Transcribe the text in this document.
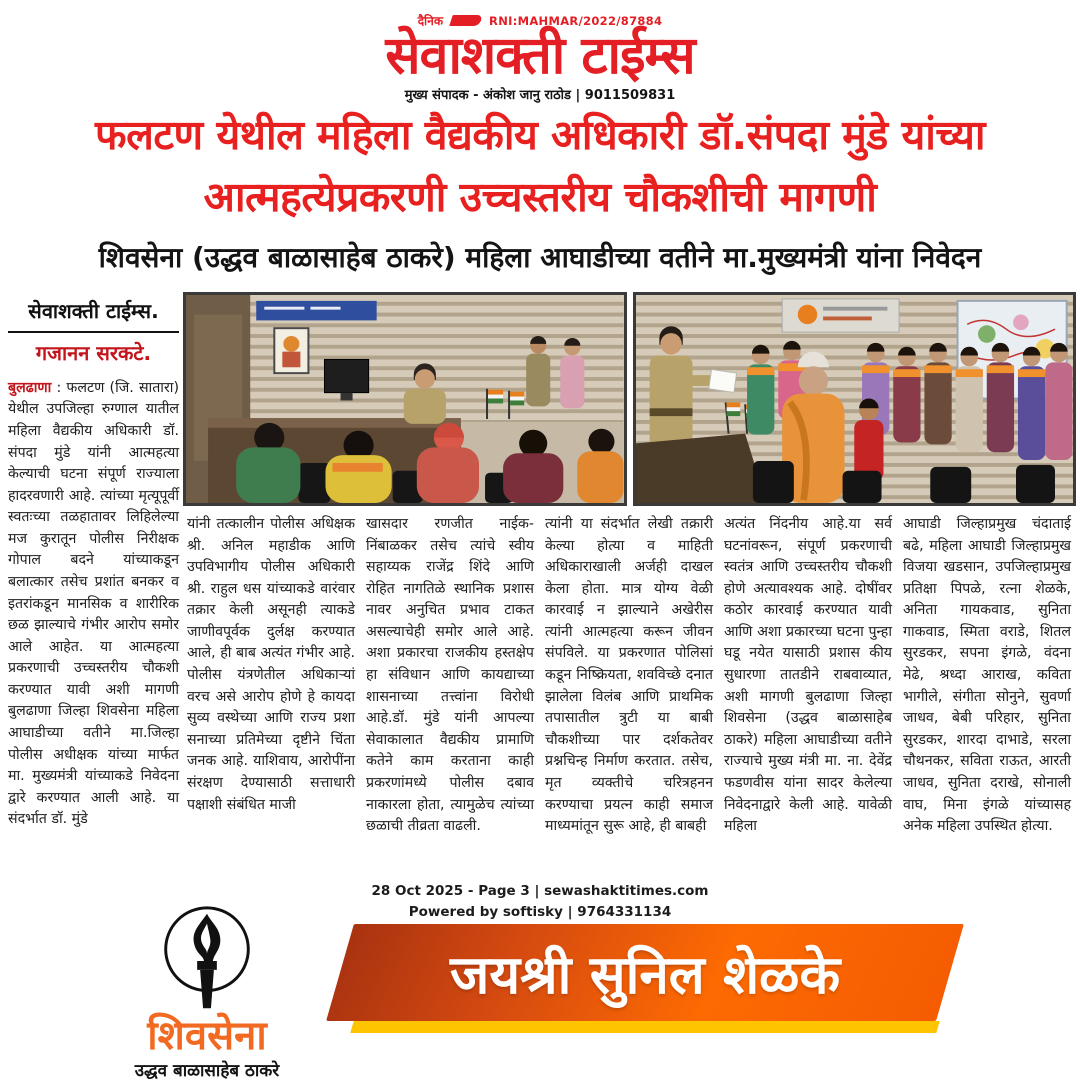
दैनिक	RNI:MAHMAR/2022/87884
सेवाशक्ती टाईम्स
मुख्य संपादक - अंकोश जानु राठोड | 9011509831
फलटण येथील महिला वैद्यकीय अधिकारी डॉ.संपदा मुंडे यांच्या आत्महत्येप्रकरणी उच्चस्तरीय चौकशीची मागणी
शिवसेना (उद्धव बाळासाहेब ठाकरे) महिला आघाडीच्या वतीने मा.मुख्यमंत्री यांना निवेदन
सेवाशक्ती टाईम्स.
गजानन सरकटे.
बुलढाणा : फलटण (जि. सातारा) येथील उपजिल्हा रुग्णाल यातील महिला वैद्यकीय अधिकारी डॉ. संपदा मुंडे यांनी आत्महत्या केल्याची घटना संपूर्ण राज्याला हादरवणारी आहे. त्यांच्या मृत्यूपूर्वी स्वतःच्या तळहातावर लिहिलेल्या मज कुरातून पोलीस निरीक्षक गोपाल बदने यांच्याकडून बलात्कार तसेच प्रशांत बनकर व इतरांकडून मानसिक व शारीरिक छळ झाल्याचे गंभीर आरोप समोर आले आहेत. या आत्महत्या प्रकरणाची उच्चस्तरीय चौकशी करण्यात यावी अशी मागणी बुलढाणा जिल्हा शिवसेना महिला आघाडीच्या वतीने मा.जिल्हा पोलीस अधीक्षक यांच्या मार्फत मा. मुख्यमंत्री यांच्याकडे निवेदना द्वारे करण्यात आली आहे. या संदर्भात डॉ. मुंडे
यांनी तत्कालीन पोलीस अधिक्षक श्री. अनिल महाडीक आणि उपविभागीय पोलीस अधिकारी श्री. राहुल धस यांच्याकडे वारंवार तक्रार केली असूनही त्याकडे जाणीवपूर्वक दुर्लक्ष करण्यात आले, ही बाब अत्यंत गंभीर आहे. पोलीस यंत्रणेतील अधिकाऱ्यां वरच असे आरोप होणे हे कायदा सुव्य वस्थेच्या आणि राज्य प्रशा सनाच्या प्रतिमेच्या दृष्टीने चिंता जनक आहे. याशिवाय, आरोपींना संरक्षण देण्यासाठी सत्ताधारी पक्षाशी संबंधित माजी
खासदार रणजीत नाईक- निंबाळकर तसेच त्यांचे स्वीय सहाय्यक राजेंद्र शिंदे आणि रोहित नागतिळे स्थानिक प्रशास नावर अनुचित प्रभाव टाकत असल्याचेही समोर आले आहे. अशा प्रकारचा राजकीय हस्तक्षेप हा संविधान आणि कायद्याच्या शासनाच्या तत्त्वांना विरोधी आहे.डॉ. मुंडे यांनी आपल्या सेवाकालात वैद्यकीय प्रामाणि कतेने काम करताना काही प्रकरणांमध्ये पोलीस दबाव नाकारला होता, त्यामुळेच त्यांच्या छळाची तीव्रता वाढली.
त्यांनी या संदर्भात लेखी तक्रारी केल्या होत्या व माहिती अधिकाराखाली अर्जही दाखल केला होता. मात्र योग्य वेळी कारवाई न झाल्याने अखेरीस त्यांनी आत्महत्या करून जीवन संपविले. या प्रकरणात पोलिसां कडून निष्क्रियता, शवविच्छे दनात झालेला विलंब आणि प्राथमिक तपासातील त्रुटी या बाबी चौकशीच्या पार दर्शकतेवर प्रश्नचिन्ह निर्माण करतात. तसेच, मृत व्यक्तीचे चरित्रहनन करण्याचा प्रयत्न काही समाज माध्यमांतून सुरू आहे, ही बाबही
अत्यंत निंदनीय आहे.या सर्व घटनांवरून, संपूर्ण प्रकरणाची स्वतंत्र आणि उच्चस्तरीय चौकशी होणे अत्यावश्यक आहे. दोषींवर कठोर कारवाई करण्यात यावी आणि अशा प्रकारच्या घटना पुन्हा घडू नयेत यासाठी प्रशास कीय सुधारणा तातडीने राबवाव्यात, अशी मागणी बुलढाणा जिल्हा शिवसेना (उद्धव बाळासाहेब ठाकरे) महिला आघाडीच्या वतीने राज्याचे मुख्य मंत्री मा. ना. देवेंद्र फडणवीस यांना सादर केलेल्या निवेदनाद्वारे केली आहे. यावेळी महिला
आघाडी जिल्हाप्रमुख चंदाताई बढे, महिला आघाडी जिल्हाप्रमुख विजया खडसान, उपजिल्हाप्रमुख प्रतिक्षा पिपळे, रत्ना शेळके, अनिता गायकवाड, सुनिता गाकवाड, स्मिता वराडे, शितल सुरडकर, सपना इंगळे, वंदना मेढे, श्रध्दा आराख, कविता भागीले, संगीता सोनुने, सुवर्णा जाधव, बेबी परिहार, सुनिता सुरडकर, शारदा दाभाडे, सरला चौथनकर, सविता राऊत, आरती जाधव, सुनिता दराखे, सोनाली वाघ, मिना इंगळे यांच्यासह अनेक महिला उपस्थित होत्या.
28 Oct 2025 - Page 3 | sewashaktitimes.com
Powered by softisky | 9764331134
शिवसेना
उद्धव बाळासाहेब ठाकरे
जयश्री सुनिल शेळके
